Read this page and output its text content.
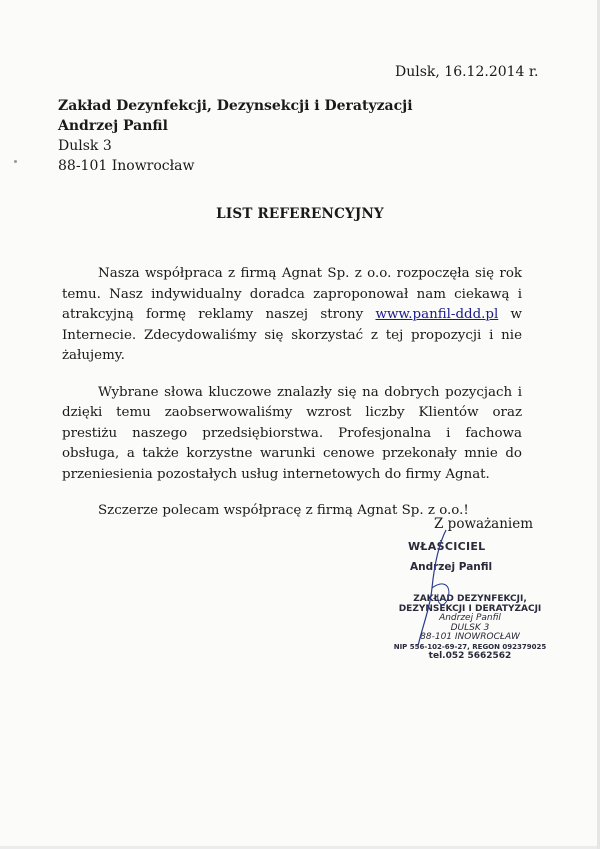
Dulsk, 16.12.2014 r.
Zakład Dezynfekcji, Dezynsekcji i Deratyzacji
Andrzej Panfil
Dulsk 3
88-101 Inowrocław
LIST REFERENCYJNY

Nasza współpraca z firmą Agnat Sp. z o.o. rozpoczęła się rok temu. Nasz indywidualny doradca zaproponował nam ciekawą i atrakcyjną formę reklamy naszej strony www.panfil-ddd.pl w Internecie. Zdecydowaliśmy się skorzystać z tej propozycji i nie żałujemy.

Wybrane słowa kluczowe znalazły się na dobrych pozycjach i dzięki temu zaobserwowaliśmy wzrost liczby Klientów oraz prestiżu naszego przedsiębiorstwa. Profesjonalna i fachowa obsługa, a także korzystne warunki cenowe przekonały mnie do przeniesienia pozostałych usług internetowych do firmy Agnat.

Szczerze polecam współpracę z firmą Agnat Sp. z o.o.!

Z poważaniem
WŁAŚCICIEL
Andrzej Panfil
ZAKŁAD DEZYNFEKCJI,
DEZYNSEKCJI I DERATYZACJI
Andrzej Panfil
DULSK 3
88-101 INOWROCŁAW
NIP 556-102-69-27, REGON 092379025
tel.052 5662562
